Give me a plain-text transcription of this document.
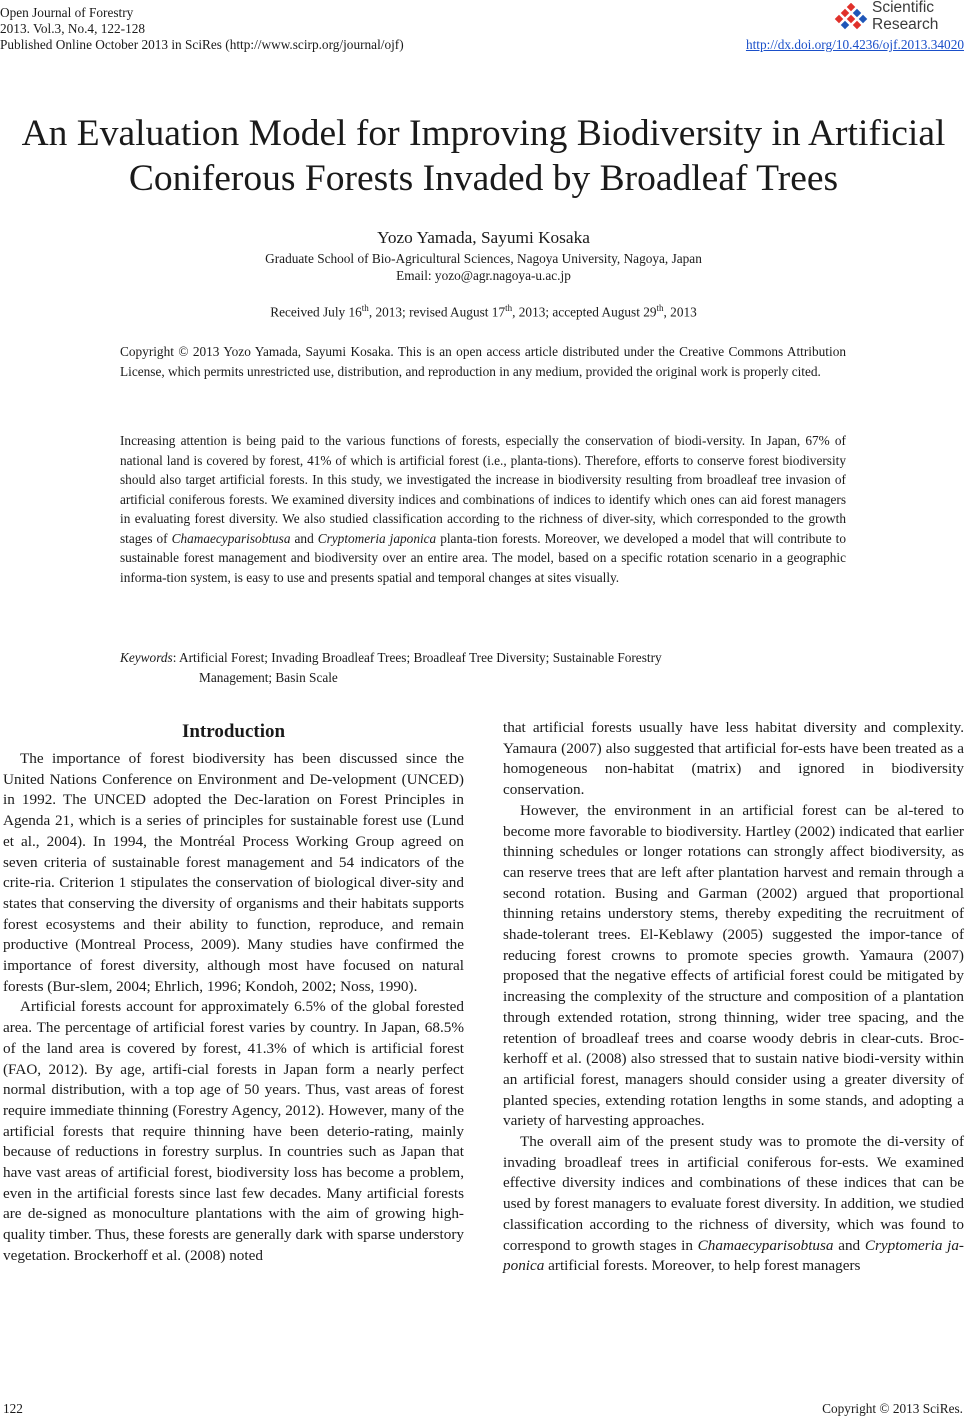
Open Journal of Forestry
2013. Vol.3, No.4, 122-128
Published Online October 2013 in SciRes (http://www.scirp.org/journal/ojf)
Scientific
Research
http://dx.doi.org/10.4236/ojf.2013.34020
An Evaluation Model for Improving Biodiversity in Artificial
Coniferous Forests Invaded by Broadleaf Trees
Yozo Yamada, Sayumi Kosaka
Graduate School of Bio-Agricultural Sciences, Nagoya University, Nagoya, Japan
Email: yozo@agr.nagoya-u.ac.jp
Received July 16th, 2013; revised August 17th, 2013; accepted August 29th, 2013
Copyright © 2013 Yozo Yamada, Sayumi Kosaka. This is an open access article distributed under the Creative Commons Attribution License, which permits unrestricted use, distribution, and reproduction in any medium, provided the original work is properly cited.
Increasing attention is being paid to the various functions of forests, especially the conservation of biodi-versity. In Japan, 67% of national land is covered by forest, 41% of which is artificial forest (i.e., planta-tions). Therefore, efforts to conserve forest biodiversity should also target artificial forests. In this study, we investigated the increase in biodiversity resulting from broadleaf tree invasion of artificial coniferous forests. We examined diversity indices and combinations of indices to identify which ones can aid forest managers in evaluating forest diversity. We also studied classification according to the richness of diver-sity, which corresponded to the growth stages of Chamaecyparisobtusa and Cryptomeria japonica planta-tion forests. Moreover, we developed a model that will contribute to sustainable forest management and biodiversity over an entire area. The model, based on a specific rotation scenario in a geographic informa-tion system, is easy to use and presents spatial and temporal changes at sites visually.
Keywords: Artificial Forest; Invading Broadleaf Trees; Broadleaf Tree Diversity; Sustainable Forestry
Management; Basin Scale
Introduction

The importance of forest biodiversity has been discussed since the United Nations Conference on Environment and De-velopment (UNCED) in 1992. The UNCED adopted the Dec-laration on Forest Principles in Agenda 21, which is a series of principles for sustainable forest use (Lund et al., 2004). In 1994, the Montréal Process Working Group agreed on seven criteria of sustainable forest management and 54 indicators of the crite-ria. Criterion 1 stipulates the conservation of biological diver-sity and states that conserving the diversity of organisms and their habitats supports forest ecosystems and their ability to function, reproduce, and remain productive (Montreal Process, 2009). Many studies have confirmed the importance of forest diversity, although most have focused on natural forests (Bur-slem, 2004; Ehrlich, 1996; Kondoh, 2002; Noss, 1990).

Artificial forests account for approximately 6.5% of the global forested area. The percentage of artificial forest varies by country. In Japan, 68.5% of the land area is covered by forest, 41.3% of which is artificial forest (FAO, 2012). By age, artifi-cial forests in Japan form a nearly perfect normal distribution, with a top age of 50 years. Thus, vast areas of forest require immediate thinning (Forestry Agency, 2012). However, many of the artificial forests that require thinning have been deterio-rating, mainly because of reductions in forestry surplus. In countries such as Japan that have vast areas of artificial forest, biodiversity loss has become a problem, even in the artificial forests since last few decades. Many artificial forests are de-signed as monoculture plantations with the aim of growing high-quality timber. Thus, these forests are generally dark with sparse understory vegetation. Brockerhoff et al. (2008) noted

that artificial forests usually have less habitat diversity and complexity. Yamaura (2007) also suggested that artificial for-ests have been treated as a homogeneous non-habitat (matrix) and ignored in biodiversity conservation.

However, the environment in an artificial forest can be al-tered to become more favorable to biodiversity. Hartley (2002) indicated that earlier thinning schedules or longer rotations can strongly affect biodiversity, as can reserve trees that are left after plantation harvest and remain through a second rotation. Busing and Garman (2002) argued that proportional thinning retains understory stems, thereby expediting the recruitment of shade-tolerant trees. El-Keblawy (2005) suggested the impor-tance of reducing forest crowns to promote species growth. Yamaura (2007) proposed that the negative effects of artificial forest could be mitigated by increasing the complexity of the structure and composition of a plantation through extended rotation, strong thinning, wider tree spacing, and the retention of broadleaf trees and coarse woody debris in clear-cuts. Broc-kerhoff et al. (2008) also stressed that to sustain native biodi-versity within an artificial forest, managers should consider using a greater diversity of planted species, extending rotation lengths in some stands, and adopting a variety of harvesting approaches.

The overall aim of the present study was to promote the di-versity of invading broadleaf trees in artificial coniferous for-ests. We examined effective diversity indices and combinations of these indices that can be used by forest managers to evaluate forest diversity. In addition, we studied classification according to the richness of diversity, which was found to correspond to growth stages in Chamaecyparisobtusa and Cryptomeria ja-ponica artificial forests. Moreover, to help forest managers

122	Copyright © 2013 SciRes.
